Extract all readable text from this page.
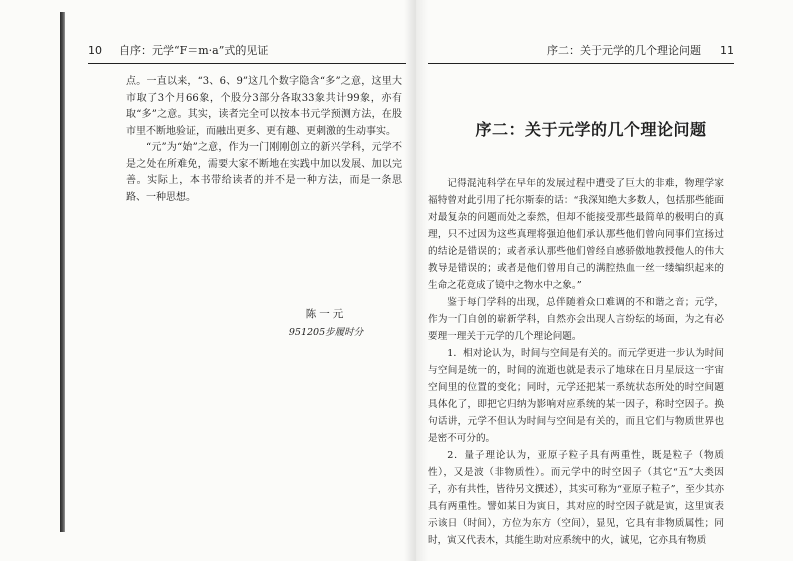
10 自序：元学“F＝m·a”式的见证

点。一直以来，“3、6、9”这几个数字隐含“多”之意，这里大市取了3个月66象，个股分3部分各取33象共计99象，亦有取“多”之意。其实，读者完全可以按本书元学预测方法，在股市里不断地验证，而融出更多、更有趣、更刺激的生动事实。

“元”为“始”之意，作为一门刚刚创立的新兴学科，元学不是之处在所难免，需要大家不断地在实践中加以发展、加以完善。实际上，本书带给读者的并不是一种方法，而是一条思路、一种思想。

陈一元
951205步履时分
序二：关于元学的几个理论问题 11
序二：关于元学的几个理论问题

记得混沌科学在早年的发展过程中遭受了巨大的非难，物理学家福特曾对此引用了托尔斯泰的话：“我深知绝大多数人，包括那些能面对最复杂的问题而处之泰然，但却不能接受那些最简单的极明白的真理，只不过因为这些真理将强迫他们承认那些他们曾向同事们宣扬过的结论是错误的；或者承认那些他们曾经自感骄傲地教授他人的伟大教导是错误的；或者是他们曾用自己的满腔热血一丝一缕编织起来的生命之花竟成了镜中之物水中之象。”

鉴于每门学科的出现，总伴随着众口难调的不和谐之音；元学，作为一门自创的崭新学科，自然亦会出现人言纷纭的场面，为之有必要理一理关于元学的几个理论问题。

1．相对论认为，时间与空间是有关的。而元学更进一步认为时间与空间是统一的，时间的流逝也就是表示了地球在日月星辰这一宇宙空间里的位置的变化；同时，元学还把某一系统状态所处的时空间题具体化了，即把它归纳为影响对应系统的某一因子，称时空因子。换句话讲，元学不但认为时间与空间是有关的，而且它们与物质世界也是密不可分的。

2．量子理论认为，亚原子粒子具有两重性，既是粒子（物质性），又是波（非物质性）。而元学中的时空因子（其它“五”大类因子，亦有共性，皆待另文撰述），其实可称为“亚原子粒子”，至少其亦具有两重性。譬如某日为寅日，其对应的时空因子就是寅，这里寅表示该日（时间），方位为东方（空间），显见，它具有非物质属性；同时，寅又代表木，其能生助对应系统中的火，诚见，它亦具有物质
